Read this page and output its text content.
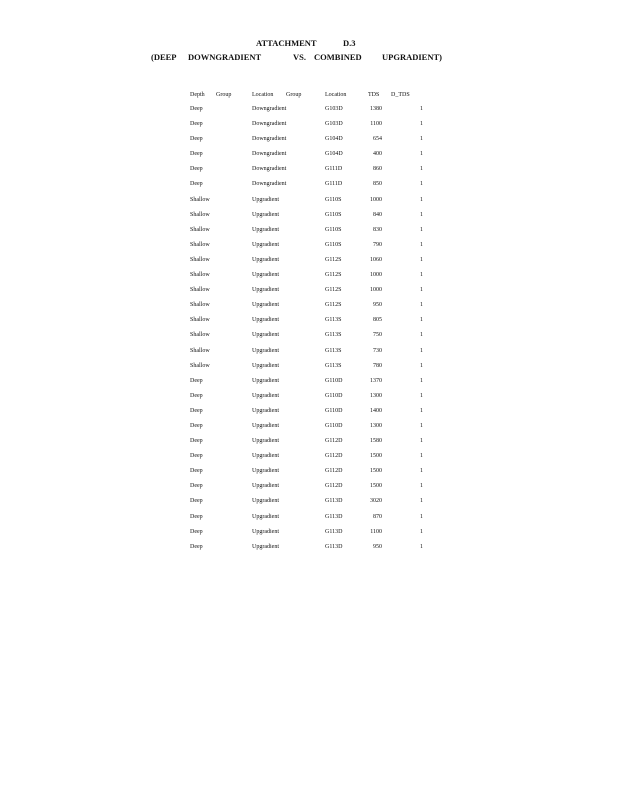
ATTACHMENT	D.3
(DEEP DOWNGRADIENT	VS. COMBINED UPGRADIENT)
Depth Group	Location Group	Location	TDS D_TDS
Deep	Downgradient	G103D	1380	1
Deep	Downgradient	G103D	1100	1
Deep	Downgradient	G104D	654	1
Deep	Downgradient	G104D	400	1
Deep	Downgradient	G111D	860	1
Deep	Downgradient	G111D	850	1
Shallow	Upgradient	G110S	1000	1
Shallow	Upgradient	G110S	840	1
Shallow	Upgradient	G110S	830	1
Shallow	Upgradient	G110S	790	1
Shallow	Upgradient	G112S	1060	1
Shallow	Upgradient	G112S	1000	1
Shallow	Upgradient	G112S	1000	1
Shallow	Upgradient	G112S	950	1
Shallow	Upgradient	G113S	805	1
Shallow	Upgradient	G113S	750	1
Shallow	Upgradient	G113S	730	1
Shallow	Upgradient	G113S	780	1
Deep	Upgradient	G110D	1370	1
Deep	Upgradient	G110D	1300	1
Deep	Upgradient	G110D	1400	1
Deep	Upgradient	G110D	1300	1
Deep	Upgradient	G112D	1580	1
Deep	Upgradient	G112D	1500	1
Deep	Upgradient	G112D	1500	1
Deep	Upgradient	G112D	1500	1
Deep	Upgradient	G113D	3020	1
Deep	Upgradient	G113D	870	1
Deep	Upgradient	G113D	1100	1
Deep	Upgradient	G113D	950	1
